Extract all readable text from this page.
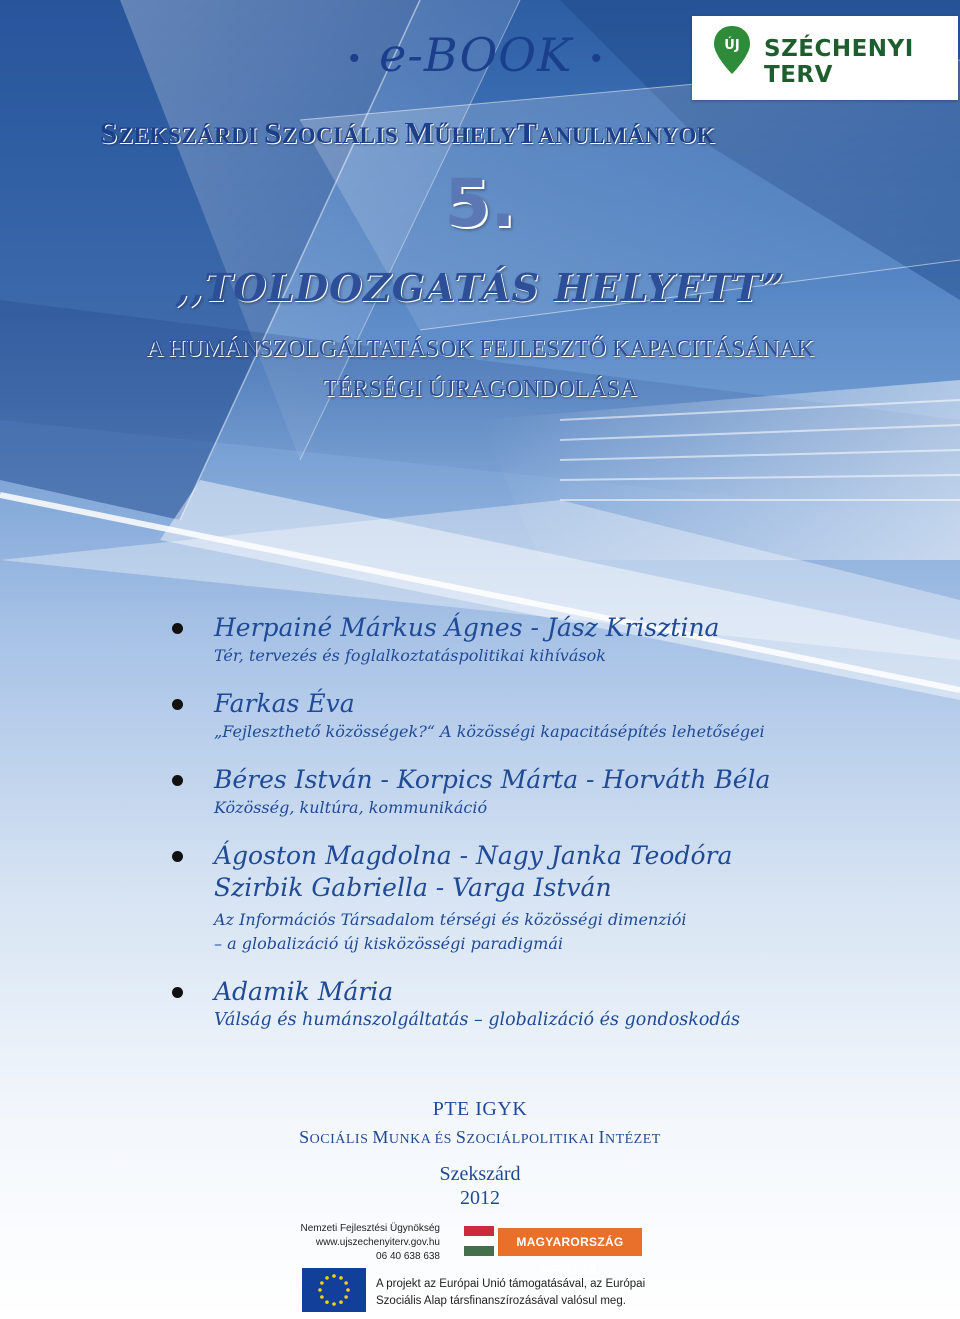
• e-BOOK •	ÚJ SZÉCHENYI TERV
SZEKSZÁRDI SZOCIÁLIS MŰHELYTANULMÁNYOK
5.
,,TOLDOZGATÁS HELYETT”
A HUMÁNSZOLGÁLTATÁSOK FEJLESZTŐ KAPACITÁSÁNAK
TÉRSÉGI ÚJRAGONDOLÁSA
Herpainé Márkus Ágnes - Jász Krisztina
Tér, tervezés és foglalkoztatáspolitikai kihívások
Farkas Éva
„Fejleszthető közösségek?“ A közösségi kapacitásépítés lehetőségei
Béres István - Korpics Márta - Horváth Béla
Közösség, kultúra, kommunikáció
Ágoston Magdolna - Nagy Janka Teodóra
Szirbik Gabriella - Varga István
Az Információs Társadalom térségi és közösségi dimenziói
– a globalizáció új kisközösségi paradigmái
Adamik Mária
Válság és humánszolgáltatás – globalizáció és gondoskodás
PTE IGYK
SOCIÁLIS MUNKA ÉS SZOCIÁLPOLITIKAI INTÉZET
Szekszárd
2012
Nemzeti Fejlesztési Ügynökség
www.ujszechenyiterv.gov.hu
06 40 638 638
MAGYARORSZÁG MEGÚJUL
A projekt az Európai Unió támogatásával, az Európai
Szociális Alap társfinanszírozásával valósul meg.
